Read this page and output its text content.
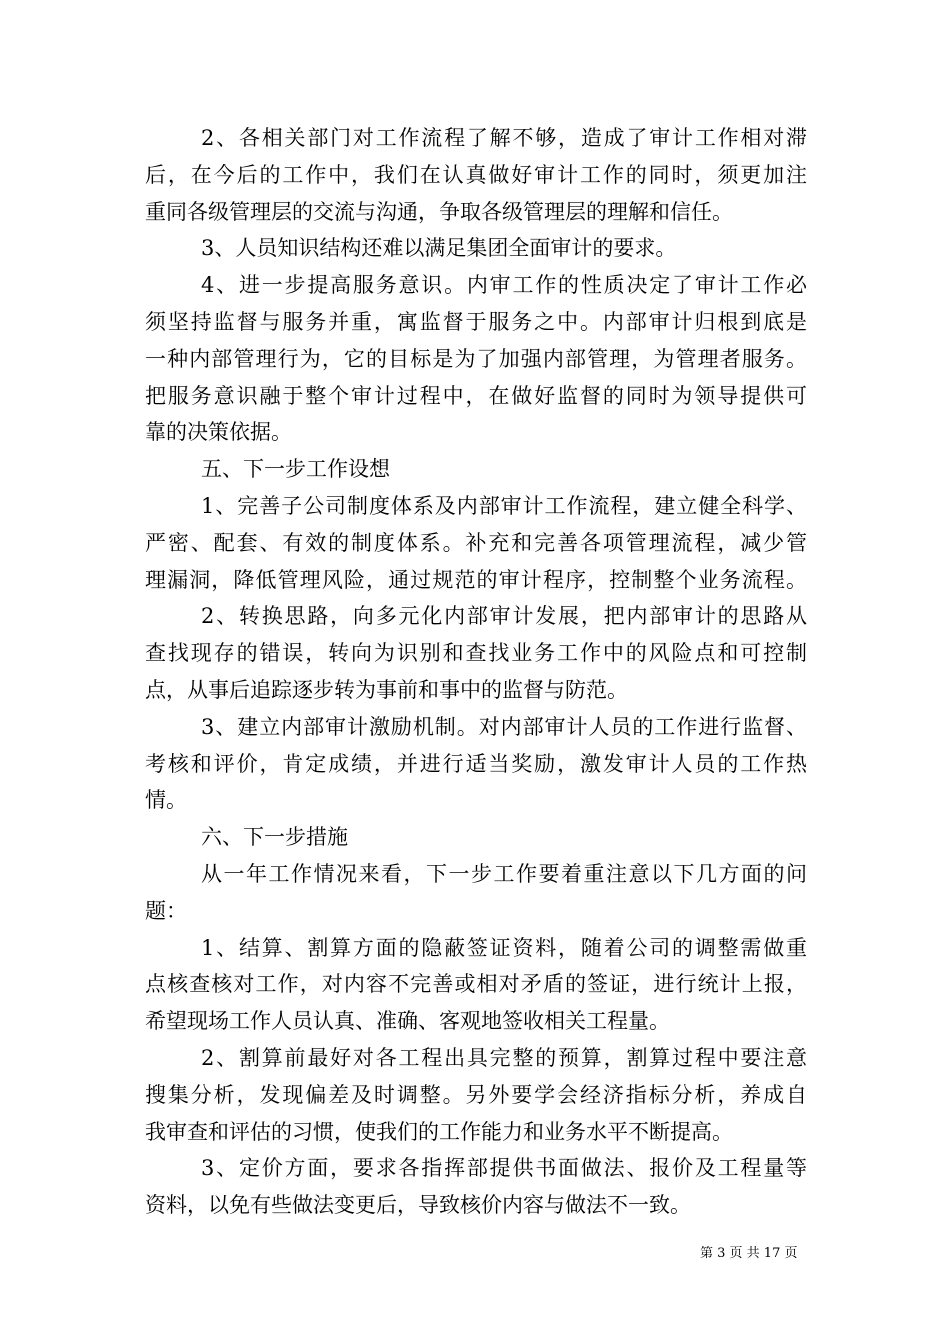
2、各相关部门对工作流程了解不够，造成了审计工作相对滞
后，在今后的工作中，我们在认真做好审计工作的同时，须更加注
重同各级管理层的交流与沟通，争取各级管理层的理解和信任。
3、人员知识结构还难以满足集团全面审计的要求。
4、进一步提高服务意识。内审工作的性质决定了审计工作必
须坚持监督与服务并重，寓监督于服务之中。内部审计归根到底是
一种内部管理行为，它的目标是为了加强内部管理，为管理者服务。
把服务意识融于整个审计过程中，在做好监督的同时为领导提供可
靠的决策依据。
五、下一步工作设想
1、完善子公司制度体系及内部审计工作流程，建立健全科学、
严密、配套、有效的制度体系。补充和完善各项管理流程，减少管
理漏洞，降低管理风险，通过规范的审计程序，控制整个业务流程。
2、转换思路，向多元化内部审计发展，把内部审计的思路从
查找现存的错误，转向为识别和查找业务工作中的风险点和可控制
点，从事后追踪逐步转为事前和事中的监督与防范。
3、建立内部审计激励机制。对内部审计人员的工作进行监督、
考核和评价，肯定成绩，并进行适当奖励，激发审计人员的工作热
情。
六、下一步措施
从一年工作情况来看，下一步工作要着重注意以下几方面的问
题：
1、结算、割算方面的隐蔽签证资料，随着公司的调整需做重
点核查核对工作，对内容不完善或相对矛盾的签证，进行统计上报，
希望现场工作人员认真、准确、客观地签收相关工程量。
2、割算前最好对各工程出具完整的预算，割算过程中要注意
搜集分析，发现偏差及时调整。另外要学会经济指标分析，养成自
我审查和评估的习惯，使我们的工作能力和业务水平不断提高。
3、定价方面，要求各指挥部提供书面做法、报价及工程量等
资料，以免有些做法变更后，导致核价内容与做法不一致。
第 3 页 共 17 页
